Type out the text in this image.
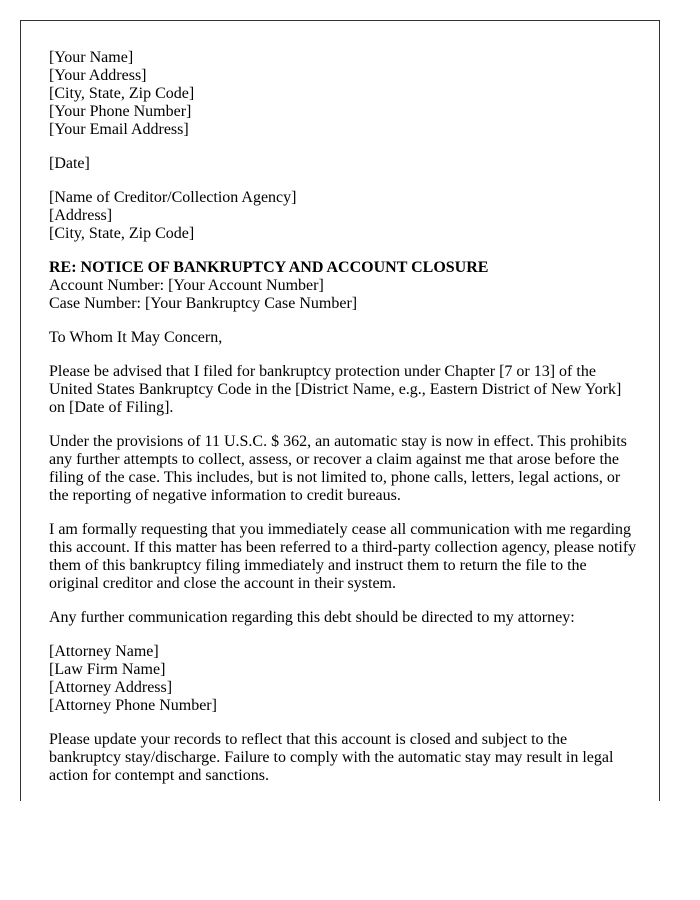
[Your Name]
[Your Address]
[City, State, Zip Code]
[Your Phone Number]
[Your Email Address]
[Date]
[Name of Creditor/Collection Agency]
[Address]
[City, State, Zip Code]
RE: NOTICE OF BANKRUPTCY AND ACCOUNT CLOSURE
Account Number: [Your Account Number]
Case Number: [Your Bankruptcy Case Number]
To Whom It May Concern,

Please be advised that I filed for bankruptcy protection under Chapter [7 or 13] of the United States Bankruptcy Code in the [District Name, e.g., Eastern District of New York] on [Date of Filing].

Under the provisions of 11 U.S.C. $ 362, an automatic stay is now in effect. This prohibits any further attempts to collect, assess, or recover a claim against me that arose before the filing of the case. This includes, but is not limited to, phone calls, letters, legal actions, or the reporting of negative information to credit bureaus.

I am formally requesting that you immediately cease all communication with me regarding this account. If this matter has been referred to a third-party collection agency, please notify them of this bankruptcy filing immediately and instruct them to return the file to the original creditor and close the account in their system.

Any further communication regarding this debt should be directed to my attorney:

[Attorney Name]
[Law Firm Name]
[Attorney Address]
[Attorney Phone Number]

Please update your records to reflect that this account is closed and subject to the bankruptcy stay/discharge. Failure to comply with the automatic stay may result in legal action for contempt and sanctions.
